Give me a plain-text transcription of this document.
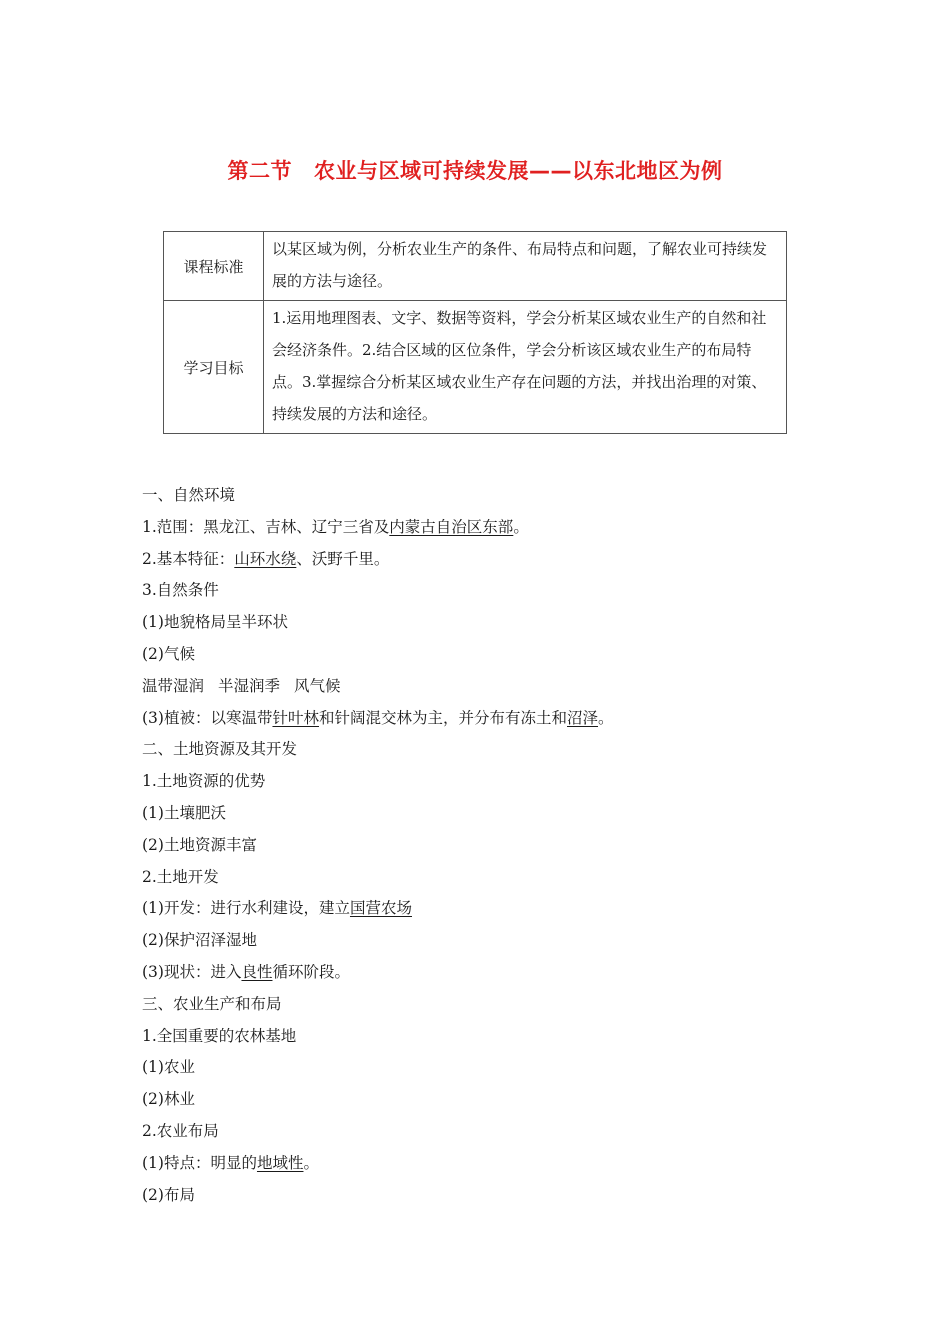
第二节 农业与区域可持续发展——以东北地区为例
课程标准	以某区域为例，分析农业生产的条件、布局特点和问题，了解农业可持续发展的方法与途径。
学习目标	1.运用地理图表、文字、数据等资料，学会分析某区域农业生产的自然和社会经济条件。2.结合区域的区位条件，学会分析该区域农业生产的布局特点。3.掌握综合分析某区域农业生产存在问题的方法，并找出治理的对策、持续发展的方法和途径。
一、自然环境
1.范围：黑龙江、吉林、辽宁三省及内蒙古自治区东部。
2.基本特征：山环水绕、沃野千里。
3.自然条件
(1)地貌格局呈半环状
(2)气候
温带湿润 半湿润季 风气候
(3)植被：以寒温带针叶林和针阔混交林为主，并分布有冻土和沼泽。
二、土地资源及其开发
1.土地资源的优势
(1)土壤肥沃
(2)土地资源丰富
2.土地开发
(1)开发：进行水利建设，建立国营农场
(2)保护沼泽湿地
(3)现状：进入良性循环阶段。
三、农业生产和布局
1.全国重要的农林基地
(1)农业
(2)林业
2.农业布局
(1)特点：明显的地域性。
(2)布局
